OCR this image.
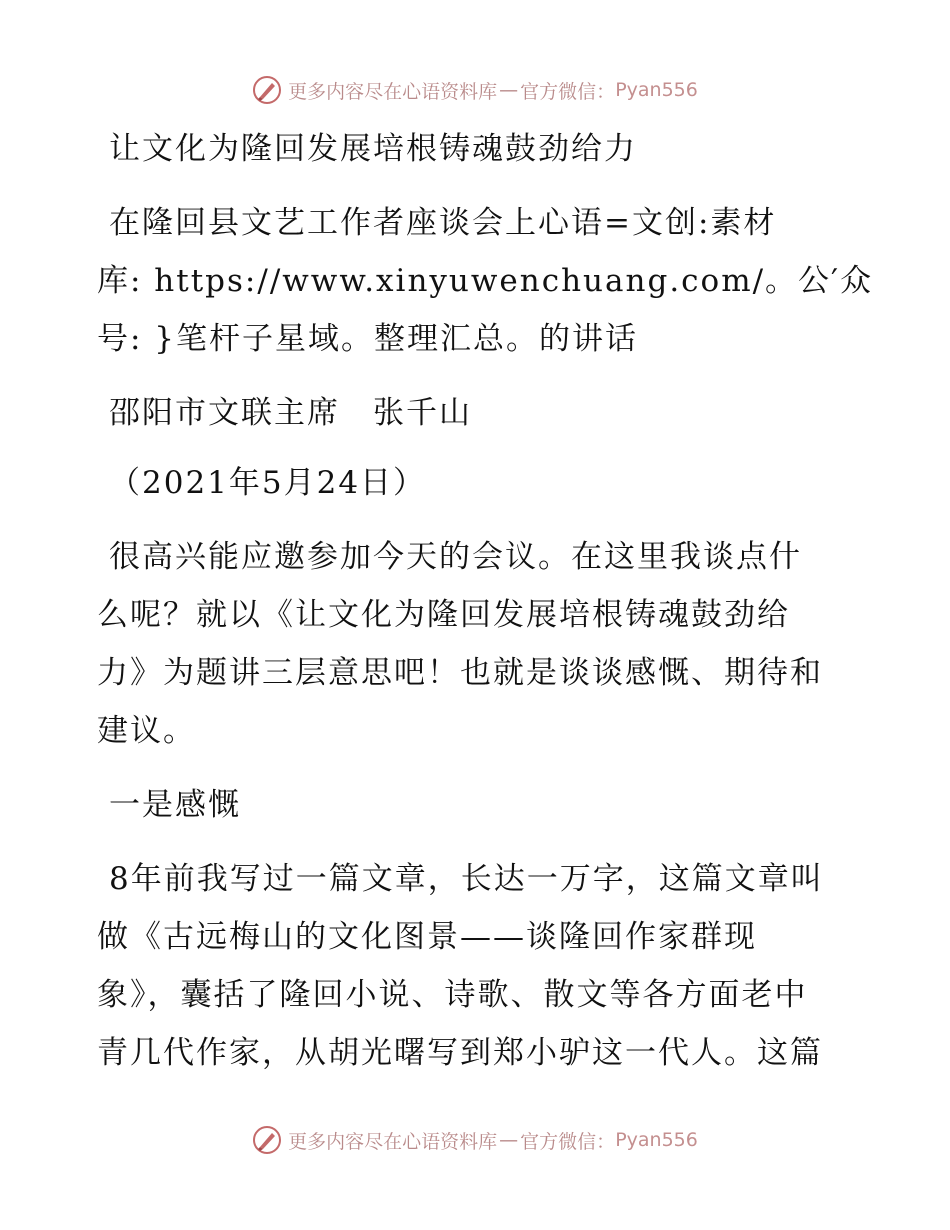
更多内容尽在心语资料库 — 官方微信： Pyan556
让文化为隆回发展培根铸魂鼓劲给力
在隆回县文艺工作者座谈会上心语=文创:素材
库: https://www.xinyuwenchuang.com/。公′众
号: }笔杆子星域。整理汇总。的讲话
邵阳市文联主席　张千山
（2021年5月24日）
很高兴能应邀参加今天的会议。在这里我谈点什
么呢？就以《让文化为隆回发展培根铸魂鼓劲给
力》为题讲三层意思吧！也就是谈谈感慨、期待和
建议。
一是感慨
8年前我写过一篇文章，长达一万字，这篇文章叫
做《古远梅山的文化图景——谈隆回作家群现
象》，囊括了隆回小说、诗歌、散文等各方面老中
青几代作家，从胡光曙写到郑小驴这一代人。这篇
更多内容尽在心语资料库 — 官方微信： Pyan556
